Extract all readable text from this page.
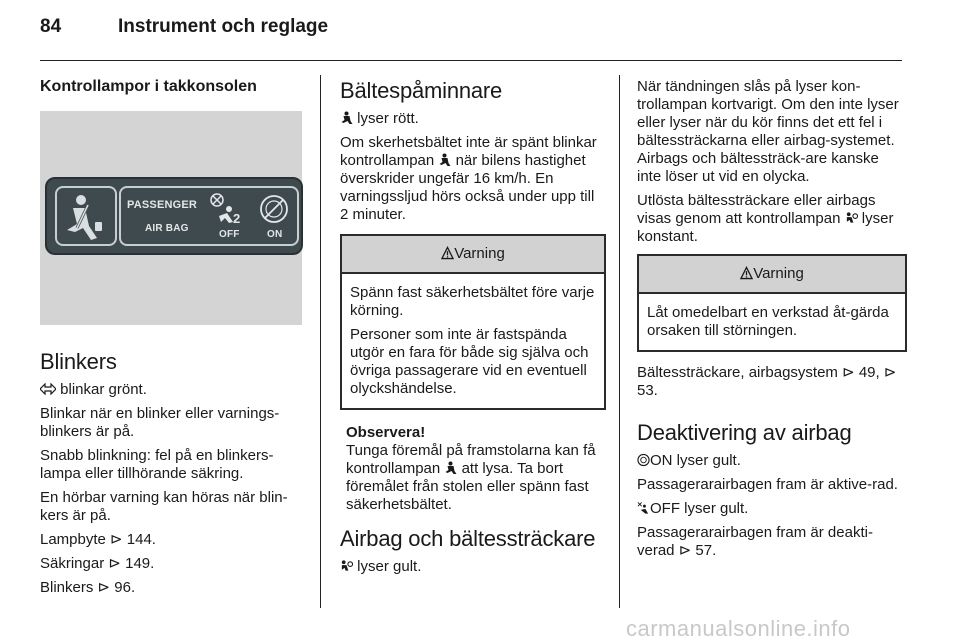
84	Instrument och reglage
Kontrollampor i takkonsolen
PASSENGER
AIR BAG
2
OFF	ON
Blinkers

blinkar grönt.

Blinkar när en blinker eller varnings-blinkers är på.

Snabb blinkning: fel på en blinkers-lampa eller tillhörande säkring.

En hörbar varning kan höras när blin-kers är på.

Lampbyte ⊳ 144.

Säkringar ⊳ 149.

Blinkers ⊳ 96.

Bältespåminnare

lyser rött.

Om skerhetsbältet inte är spänt blinkar kontrollampan när bilens hastighet överskrider ungefär 16 km/h. En varningssljud hörs också under upp till 2 minuter.

Varning

Spänn fast säkerhetsbältet före varje körning.

Personer som inte är fastspända utgör en fara för både sig själva och övriga passagerare vid en eventuell olyckshändelse.

Observera!
Tunga föremål på framstolarna kan få kontrollampan att lysa. Ta bort föremålet från stolen eller spänn fast säkerhetsbältet.
Airbag och bältessträckare

lyser gult.

När tändningen slås på lyser kon-trollampan kortvarigt. Om den inte lyser eller lyser när du kör finns det ett fel i bältessträckarna eller airbag-systemet. Airbags och bältessträck-are kanske inte löser ut vid en olycka.

Utlösta bältessträckare eller airbags visas genom att kontrollampan lyser konstant.

Varning

Låt omedelbart en verkstad åt-gärda orsaken till störningen.

Bältessträckare, airbagsystem ⊳ 49, ⊳ 53.

Deaktivering av airbag

ON lyser gult.

Passagerarairbagen fram är aktive-rad.

OFF lyser gult.

Passagerarairbagen fram är deakti-verad ⊳ 57.

carmanualsonline.info
